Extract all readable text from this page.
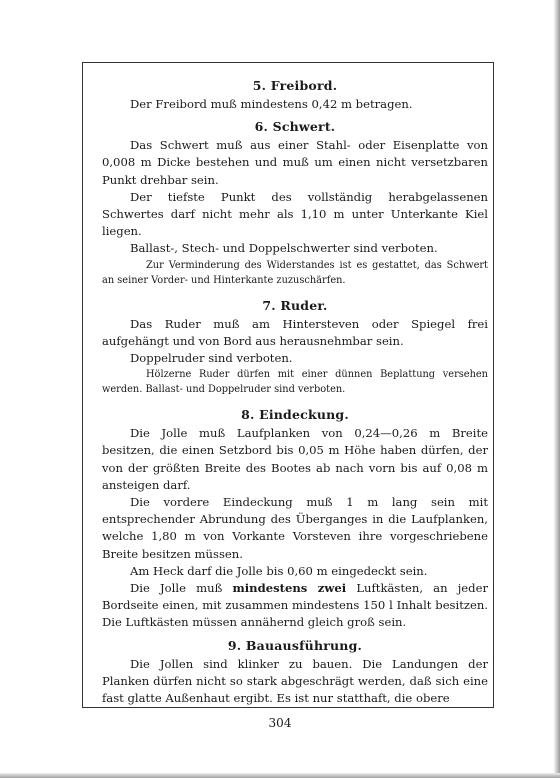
5. Freibord.

Der Freibord muß mindestens 0,42 m betragen.

6. Schwert.

Das Schwert muß aus einer Stahl- oder Eisenplatte von 0,008 m Dicke bestehen und muß um einen nicht versetzbaren Punkt drehbar sein.

Der tiefste Punkt des vollständig herabgelassenen Schwertes darf nicht mehr als 1,10 m unter Unterkante Kiel liegen.

Ballast-, Stech- und Doppelschwerter sind verboten.

Zur Verminderung des Widerstandes ist es gestattet, das Schwert an seiner Vorder- und Hinterkante zuzuschärfen.

7. Ruder.

Das Ruder muß am Hintersteven oder Spiegel frei aufgehängt und von Bord aus herausnehmbar sein.

Doppelruder sind verboten.

Hölzerne Ruder dürfen mit einer dünnen Beplattung versehen werden. Ballast- und Doppelruder sind verboten.

8. Eindeckung.

Die Jolle muß Laufplanken von 0,24—0,26 m Breite besitzen, die einen Setzbord bis 0,05 m Höhe haben dürfen, der von der größten Breite des Bootes ab nach vorn bis auf 0,08 m ansteigen darf.

Die vordere Eindeckung muß 1 m lang sein mit entsprechender Abrundung des Überganges in die Laufplanken, welche 1,80 m von Vorkante Vorsteven ihre vorgeschriebene Breite besitzen müssen.

Am Heck darf die Jolle bis 0,60 m eingedeckt sein.

Die Jolle muß mindestens zwei Luftkästen, an jeder Bordseite einen, mit zusammen mindestens 150 l Inhalt besitzen. Die Luftkästen müssen annähernd gleich groß sein.

9. Bauausführung.

Die Jollen sind klinker zu bauen. Die Landungen der Planken dürfen nicht so stark abgeschrägt werden, daß sich eine fast glatte Außenhaut ergibt. Es ist nur statthaft, die obere

304
